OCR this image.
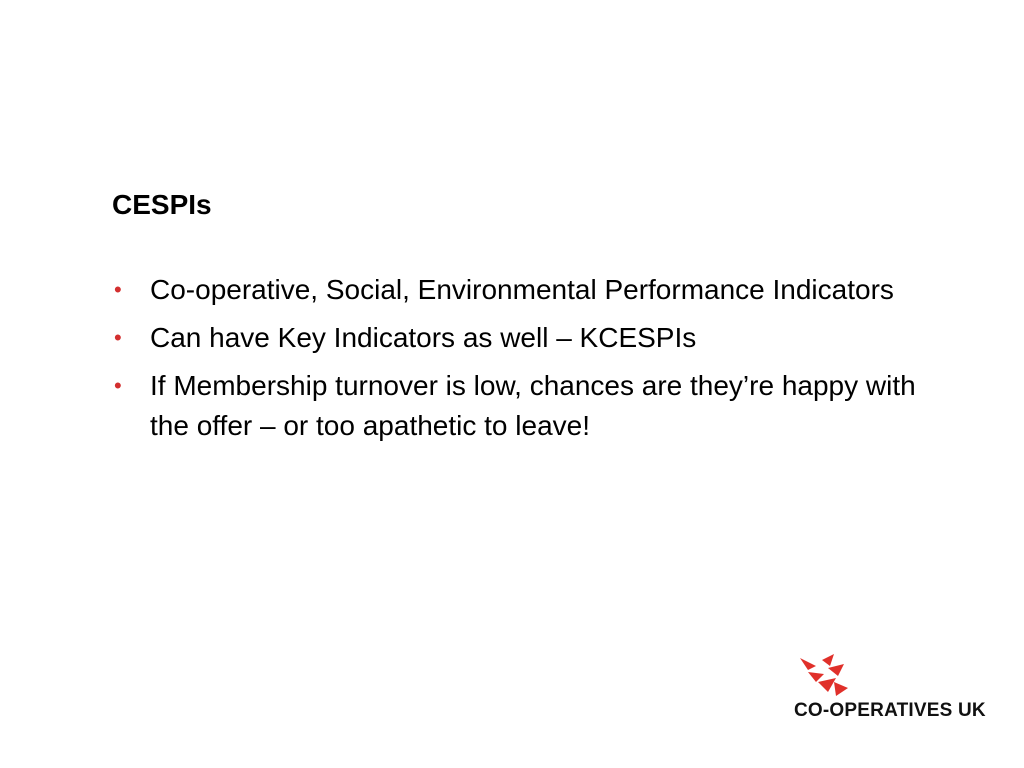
CESPIs
• Co-operative, Social, Environmental Performance Indicators
• Can have Key Indicators as well – KCESPIs
• If Membership turnover is low, chances are they’re happy with the offer – or too apathetic to leave!
CO-OPERATIVES UK
